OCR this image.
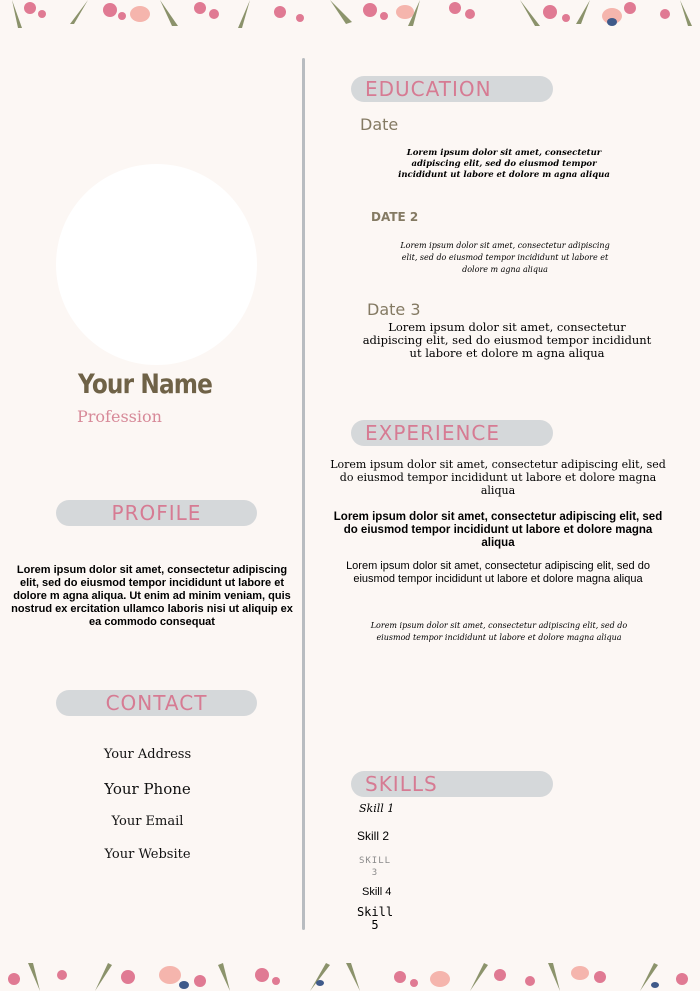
Your Name
Profession
PROFILE
Lorem ipsum dolor sit amet, consectetur adipiscing elit, sed do eiusmod tempor incididunt ut labore et dolore m agna aliqua. Ut enim ad minim veniam, quis nostrud ex ercitation ullamco laboris nisi ut aliquip ex ea commodo consequat
CONTACT
Your Address
Your Phone
Your Email
Your Website
EDUCATION
Date
Lorem ipsum dolor sit amet, consectetur adipiscing elit, sed do eiusmod tempor incididunt ut labore et dolore m agna aliqua
DATE 2
Lorem ipsum dolor sit amet, consectetur adipiscing elit, sed do eiusmod tempor incididunt ut labore et dolore m agna aliqua
Date 3
Lorem ipsum dolor sit amet, consectetur adipiscing elit, sed do eiusmod tempor incididunt ut labore et dolore m agna aliqua
EXPERIENCE
Lorem ipsum dolor sit amet, consectetur adipiscing elit, sed do eiusmod tempor incididunt ut labore et dolore magna aliqua
Lorem ipsum dolor sit amet, consectetur adipiscing elit, sed do eiusmod tempor incididunt ut labore et dolore magna aliqua
Lorem ipsum dolor sit amet, consectetur adipiscing elit, sed do eiusmod tempor incididunt ut labore et dolore magna aliqua
Lorem ipsum dolor sit amet, consectetur adipiscing elit, sed do eiusmod tempor incididunt ut labore et dolore magna aliqua
SKILLS
Skill 1
Skill 2
SKILL 3
Skill 4
Skill 5
